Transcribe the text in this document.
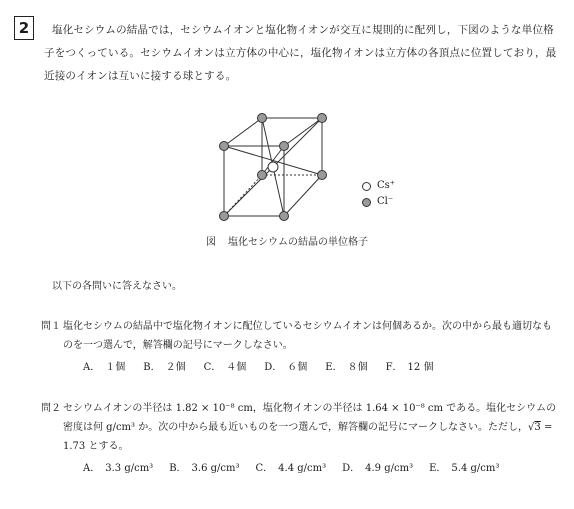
2	塩化セシウムの結晶では，セシウムイオンと塩化物イオンが交互に規則的に配列し，下図のような単位格子をつくっている。セシウムイオンは立方体の中心に，塩化物イオンは立方体の各頂点に位置しており，最近接のイオンは互いに接する球とする。
Cs⁺
Cl⁻
図 塩化セシウムの結晶の単位格子
以下の各問いに答えなさい。
問１ 塩化セシウムの結晶中で塩化物イオンに配位しているセシウムイオンは何個あるか。次の中から最も適切なものを一つ選んで，解答欄の記号にマークしなさい。
A． １個 B． ２個 C． ４個 D． ６個 E． ８個 F． 12 個
問２ セシウムイオンの半径は 1.82 × 10⁻⁸ cm，塩化物イオンの半径は 1.64 × 10⁻⁸ cm である。塩化セシウムの密度は何 g/cm³ か。次の中から最も近いものを一つ選んで，解答欄の記号にマークしなさい。ただし，√3 = 1.73 とする。
A． 3.3 g/cm³ B． 3.6 g/cm³ C． 4.4 g/cm³ D． 4.9 g/cm³ E． 5.4 g/cm³
